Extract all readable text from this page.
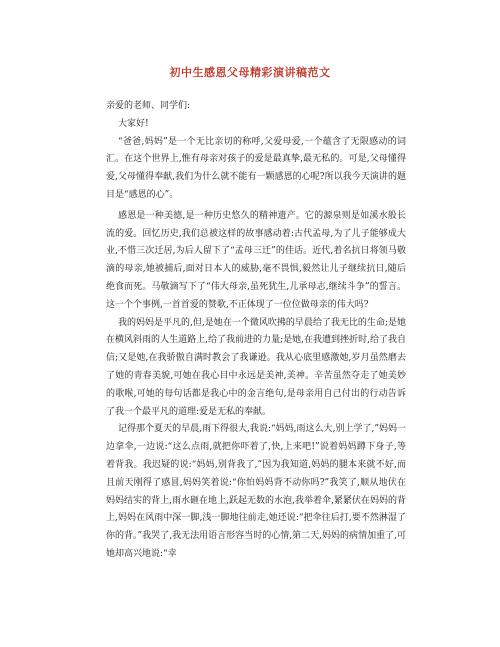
初中生感恩父母精彩演讲稿范文

亲爱的老师、同学们:

大家好!

“爸爸,妈妈”是一个无比亲切的称呼,父爱母爱,一个蕴含了无限感动的词汇。在这个世界上,惟有母亲对孩子的爱是最真挚,最无私的。可是,父母懂得爱,父母懂得奉献,我们为什么就不能有一颗感恩的心呢?所以我今天演讲的题目是“感恩的心”。

感恩是一种美德,是一种历史悠久的精神遗产。它的源泉则是如溪水般长流的爱。回忆历史,我们总被这样的故事感动着:古代孟母,为了儿子能够成大业,不惜三次迁居,为后人留下了“孟母三迁”的佳话。近代,着名抗日将领马敬滴的母亲,她被捕后,面对日本人的威胁,毫不畏惧,毅然让儿子继续抗日,随后绝食而死。马敬滴写下了“伟大母亲,虽死犹生,儿承母志,继续斗争”的誓言。这一个个事例,一首首爱的赞歌,不正体现了一位位做母亲的伟大吗?

我的妈妈是平凡的,但,是她在一个微风吹拂的早晨给了我无比的生命;是她在横风斜雨的人生道路上,给了我前进的力量;是她,在我遭到挫折时,给了我自信;又是她,在我骄傲自满时教会了我谦逊。我从心底里感激她,岁月虽然磨去了她的青春美貌,可她在我心目中永远是美神,美神。辛苦虽然夺走了她美妙的歌喉,可她的每句话都是我心中的金言绝句,是母亲用自己付出的行动告诉了我一个最平凡的道理:爱是无私的奉献。

记得那个夏天的早晨,雨下得很大,我说:“妈妈,雨这么大,别上学了,”妈妈一边拿伞,一边说:“这么点雨,就把你吓着了,快,上来吧!”说着妈妈蹲下身子,等着背我。我迟疑的说:“妈妈,别背我了,”因为我知道,妈妈的腿本来就不好,而且前天刚得了感冒,妈妈笑着说:“你怕妈妈背不动你吗?”我笑了,顺从地伏在妈妈结实的背上,雨水砸在地上,跃起无数的水泡,我举着伞,紧紧伏在妈妈的背上,妈妈在风雨中深一脚,浅一脚地往前走,她还说:“把伞往后打,要不然淋湿了你的背。”我哭了,我无法用语言形容当时的心情,第二天,妈妈的病情加重了,可她却高兴地说:“幸
